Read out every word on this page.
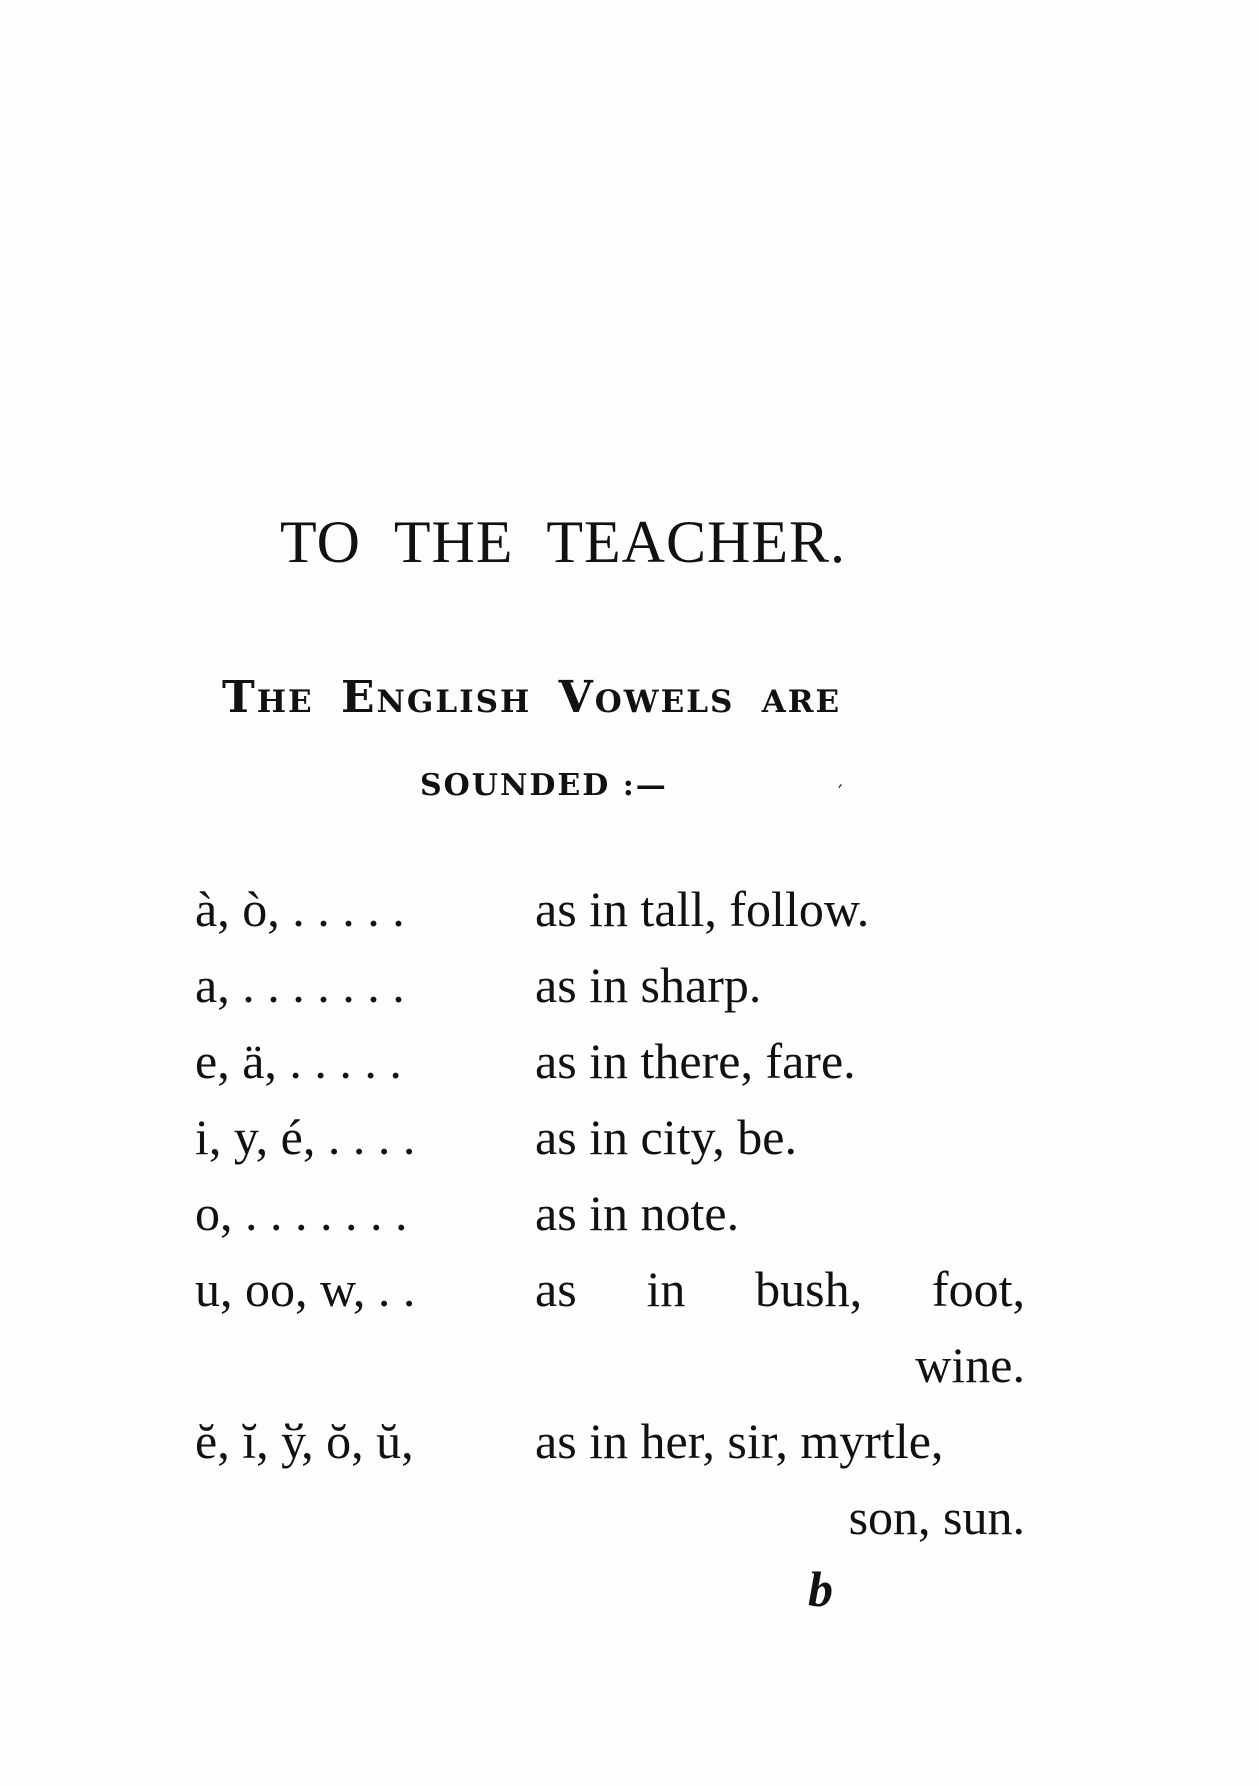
TO THE TEACHER.
The English Vowels are
SOUNDED :—	′
à, ò, . . . . .	as in tall, follow.
a, . . . . . . .	as in sharp.
e, ä, . . . . .	as in there, fare.
i, y, é, . . . . as in city, be.
o, . . . . . . .	as in note.
u, oo, w, . . as in bush, foot,
wine.
ĕ, ĭ, ў, ŏ, ŭ, as in her, sir, myrtle,
son, sun.
b
